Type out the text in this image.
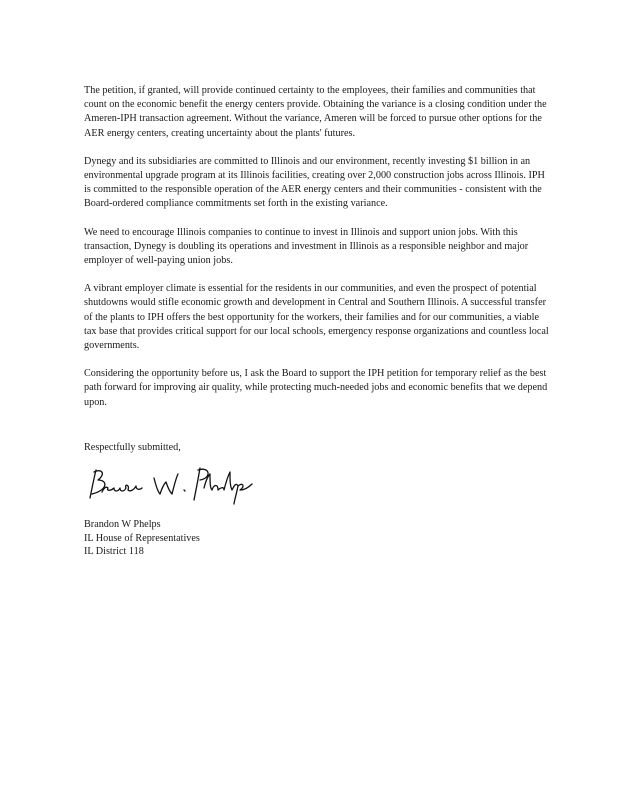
The petition, if granted, will provide continued certainty to the employees, their families and communities that count on the economic benefit the energy centers provide. Obtaining the variance is a closing condition under the Ameren-IPH transaction agreement. Without the variance, Ameren will be forced to pursue other options for the AER energy centers, creating uncertainty about the plants' futures.

Dynegy and its subsidiaries are committed to Illinois and our environment, recently investing $1 billion in an environmental upgrade program at its Illinois facilities, creating over 2,000 construction jobs across Illinois. IPH is committed to the responsible operation of the AER energy centers and their communities - consistent with the Board-ordered compliance commitments set forth in the existing variance.

We need to encourage Illinois companies to continue to invest in Illinois and support union jobs. With this transaction, Dynegy is doubling its operations and investment in Illinois as a responsible neighbor and major employer of well-paying union jobs.

A vibrant employer climate is essential for the residents in our communities, and even the prospect of potential shutdowns would stifle economic growth and development in Central and Southern Illinois. A successful transfer of the plants to IPH offers the best opportunity for the workers, their families and for our communities, a viable tax base that provides critical support for our local schools, emergency response organizations and countless local governments.

Considering the opportunity before us, I ask the Board to support the IPH petition for temporary relief as the best path forward for improving air quality, while protecting much-needed jobs and economic benefits that we depend upon.

Respectfully submitted,
Brandon W Phelps
IL House of Representatives
IL District 118
